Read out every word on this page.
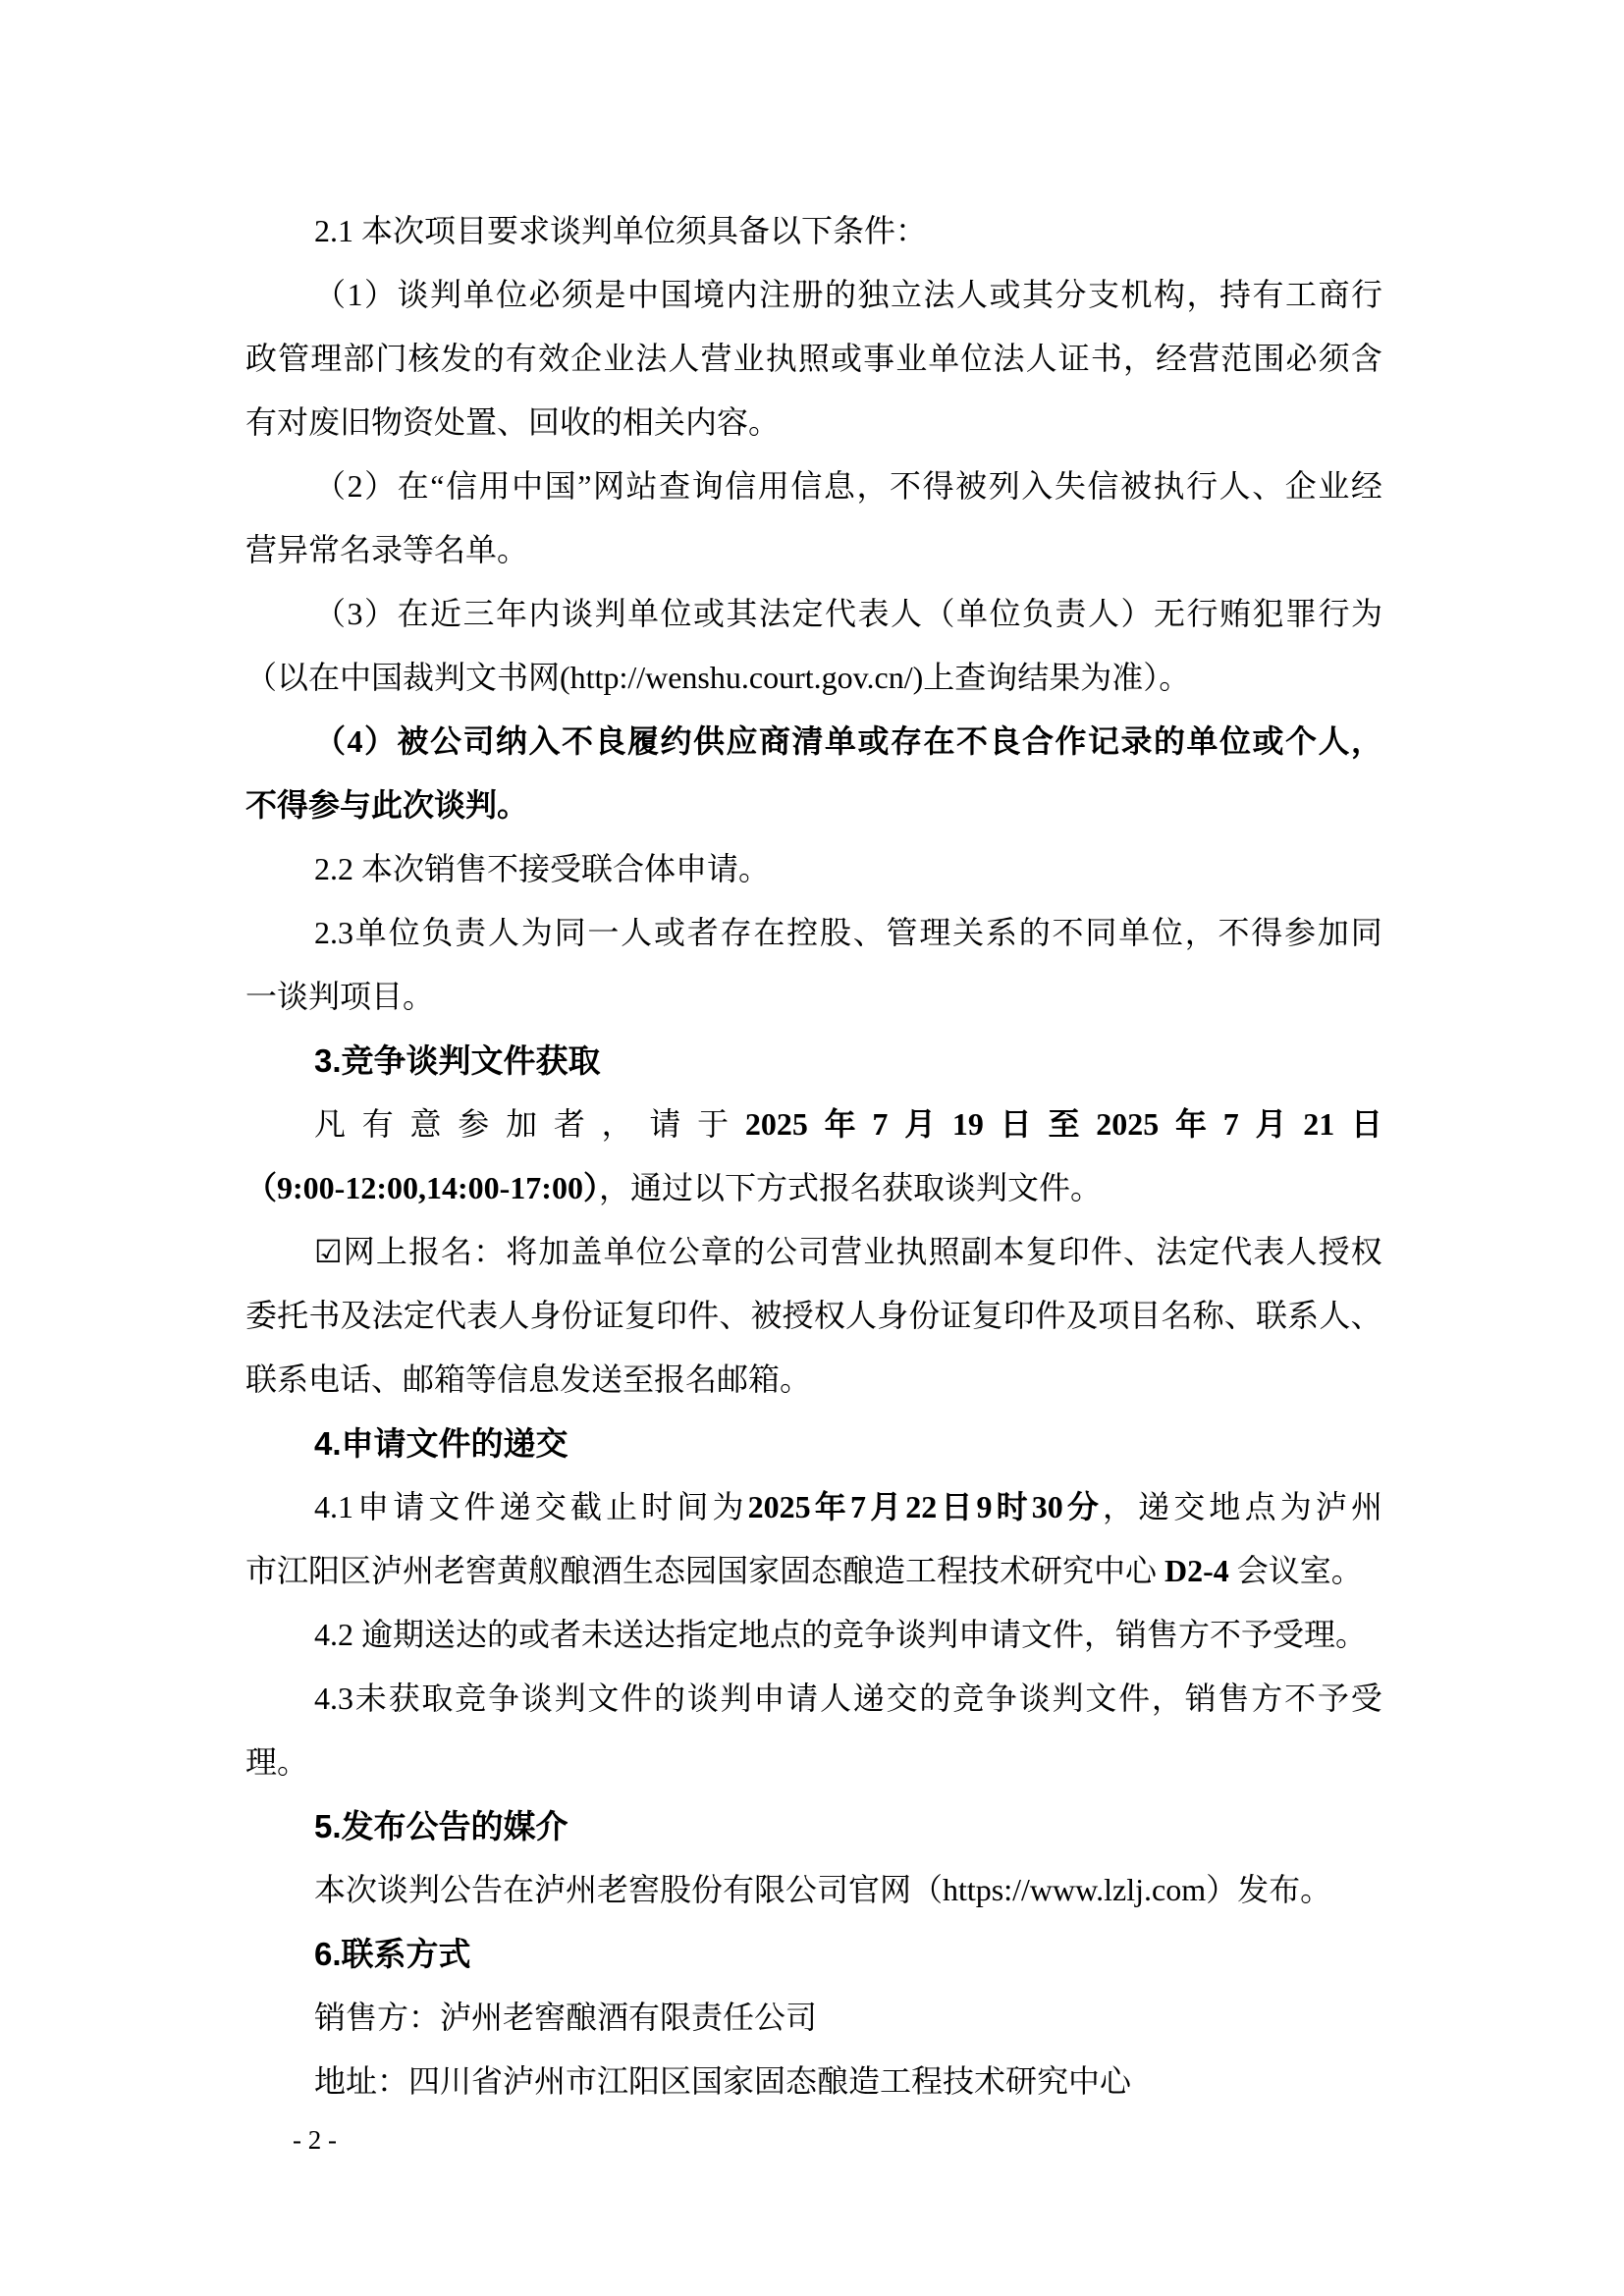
2.1 本次项目要求谈判单位须具备以下条件：
（ 1 ） 谈 判 单 位 必 须 是 中 国 境 内 注 册 的 独 立 法 人 或 其 分 支 机 构 ， 持 有 工 商 行
政 管 理 部 门 核 发 的 有 效 企 业 法 人 营 业 执 照 或 事 业 单 位 法 人 证 书 ， 经 营 范 围 必 须 含
有对废旧物资处置、回收的相关内容。
（ 2 ） 在 “ 信 用 中 国 ” 网 站 查 询 信 用 信 息 ， 不 得 被 列 入 失 信 被 执 行 人 、 企 业 经
营异常名录等名单。
（ 3 ） 在 近 三 年 内 谈 判 单 位 或 其 法 定 代 表 人 （ 单 位 负 责 人 ） 无 行 贿 犯 罪 行 为
（以在中国裁判文书网(http://wenshu.court.gov.cn/)上查询结果为准）。
（ 4 ） 被 公 司 纳 入 不 良 履 约 供 应 商 清 单 或 存 在 不 良 合 作 记 录 的 单 位 或 个 人 ，
不得参与此次谈判。
2.2 本次销售不接受联合体申请。
2.3 单 位 负 责 人 为 同 一 人 或 者 存 在 控 股 、 管 理 关 系 的 不 同 单 位 ， 不 得 参 加 同
一谈判项目。
3.竞争谈判文件获取
凡 有 意 参 加 者 ， 请 于 2025 年 7 月 19 日 至 2025 年 7 月 21 日
（9:00-12:00,14:00-17:00），通过以下方式报名获取谈判文件。
☑ 网 上 报 名 ： 将 加 盖 单 位 公 章 的 公 司 营 业 执 照 副 本 复 印 件 、 法 定 代 表 人 授 权
委 托 书 及 法 定 代 表 人 身 份 证 复 印 件 、 被 授 权 人 身 份 证 复 印 件 及 项 目 名 称 、 联 系 人 、
联系电话、邮箱等信息发送至报名邮箱。
4.申请文件的递交
4.1 申 请 文 件 递 交 截 止 时 间 为 2025 年 7 月 22 日 9 时 30 分 ， 递 交 地 点 为 泸 州
市江阳区泸州老窖黄舣酿酒生态园国家固态酿造工程技术研究中心 D2-4 会议室。
4.2 逾期送达的或者未送达指定地点的竞争谈判申请文件，销售方不予受理。
4.3 未 获 取 竞 争 谈 判 文 件 的 谈 判 申 请 人 递 交 的 竞 争 谈 判 文 件 ， 销 售 方 不 予 受
理。
5.发布公告的媒介
本次谈判公告在泸州老窖股份有限公司官网（https://www.lzlj.com）发布。
6.联系方式
销售方：泸州老窖酿酒有限责任公司
地址：四川省泸州市江阳区国家固态酿造工程技术研究中心
- 2 -
